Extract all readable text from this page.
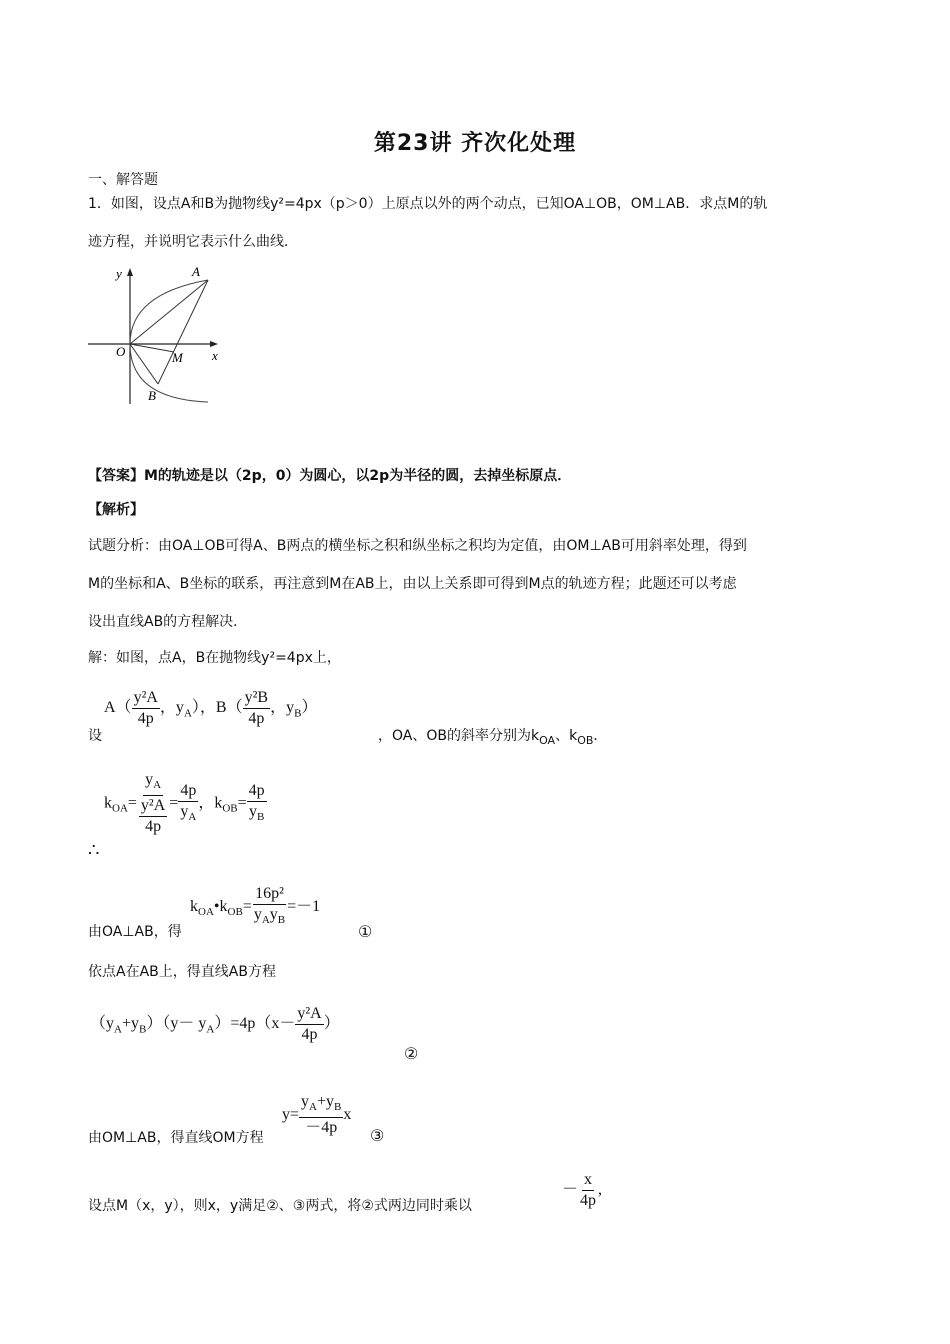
第23讲 齐次化处理
一、解答题
1．如图，设点A和B为抛物线y²=4px（p＞0）上原点以外的两个动点，已知OA⊥OB，OM⊥AB．求点M的轨
迹方程，并说明它表示什么曲线．
y
x
O
A
B
M
【答案】M的轨迹是以（2p，0）为圆心，以2p为半径的圆，去掉坐标原点．
【解析】
试题分析：由OA⊥OB可得A、B两点的横坐标之积和纵坐标之积均为定值，由OM⊥AB可用斜率处理，得到
M的坐标和A、B坐标的联系，再注意到M在AB上，由以上关系即可得到M点的轨迹方程；此题还可以考虑
设出直线AB的方程解决．
解：如图，点A，B在抛物线y²=4px上，
设
$A( \frac{\text{y²A}}{4p}$ ，$y_A$），$B( \frac{\text{y²B}}{4p}$ ，$y_B$）
，OA、OB的斜率分别为$k_{OA}$、$k_{OB}$．
$k_{OA}= \frac{y_A}{\frac{\text{y²A}}{4p}} = \frac{4p}{y_A}$ ，$k_{OB}= \frac{4p}{y_B}$
∴
由OA⊥AB，得
$k_{OA}•k_{OB}= \frac{\text{16p²}}{y_Ay_B} =-1$
①
依点A在AB上，得直线AB方程
$(y_A+y_B)(y- y_A)=4p(x- \frac{\text{y²A}}{4p}$ ）
②
由OM⊥AB，得直线OM方程
$y= \frac{y_A+y_B}{-4p}$ x
③
设点M（x，y），则x，y满足②、③两式，将②式两边同时乘以
－ $\frac{x}{4p}$ ,
